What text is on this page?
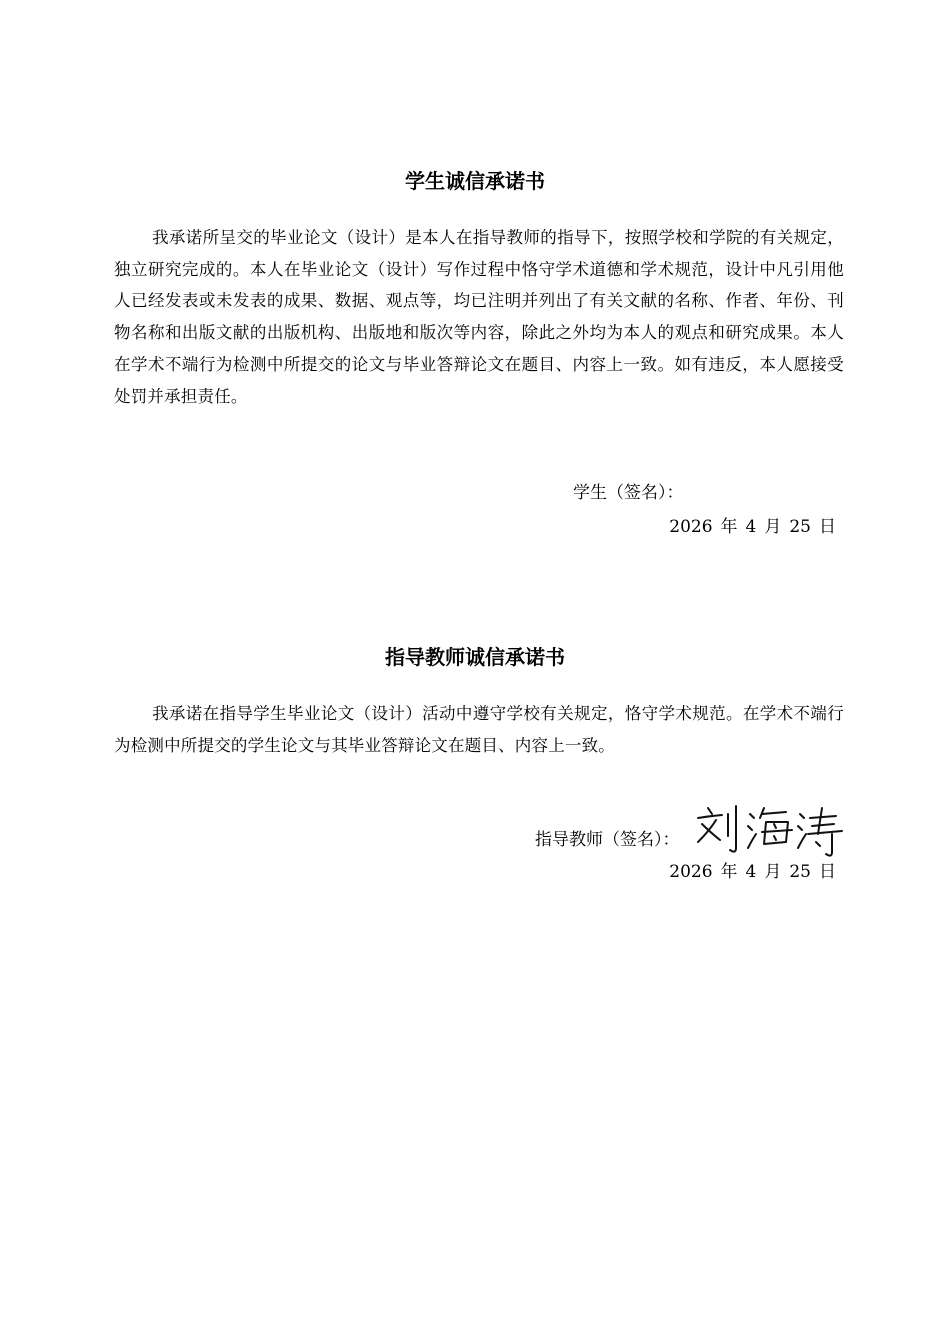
学生诚信承诺书
我承诺所呈交的毕业论文（设计）是本人在指导教师的指导下，按照学校和学院的有关规定，独立研究完成的。本人在毕业论文（设计）写作过程中恪守学术道德和学术规范，设计中凡引用他人已经发表或未发表的成果、数据、观点等，均已注明并列出了有关文献的名称、作者、年份、刊物名称和出版文献的出版机构、出版地和版次等内容，除此之外均为本人的观点和研究成果。本人在学术不端行为检测中所提交的论文与毕业答辩论文在题目、内容上一致。如有违反，本人愿接受处罚并承担责任。
学生（签名）：
2026 年 4 月 25 日
指导教师诚信承诺书
我承诺在指导学生毕业论文（设计）活动中遵守学校有关规定，恪守学术规范。在学术不端行为检测中所提交的学生论文与其毕业答辩论文在题目、内容上一致。
指导教师（签名）：
2026 年 4 月 25 日
